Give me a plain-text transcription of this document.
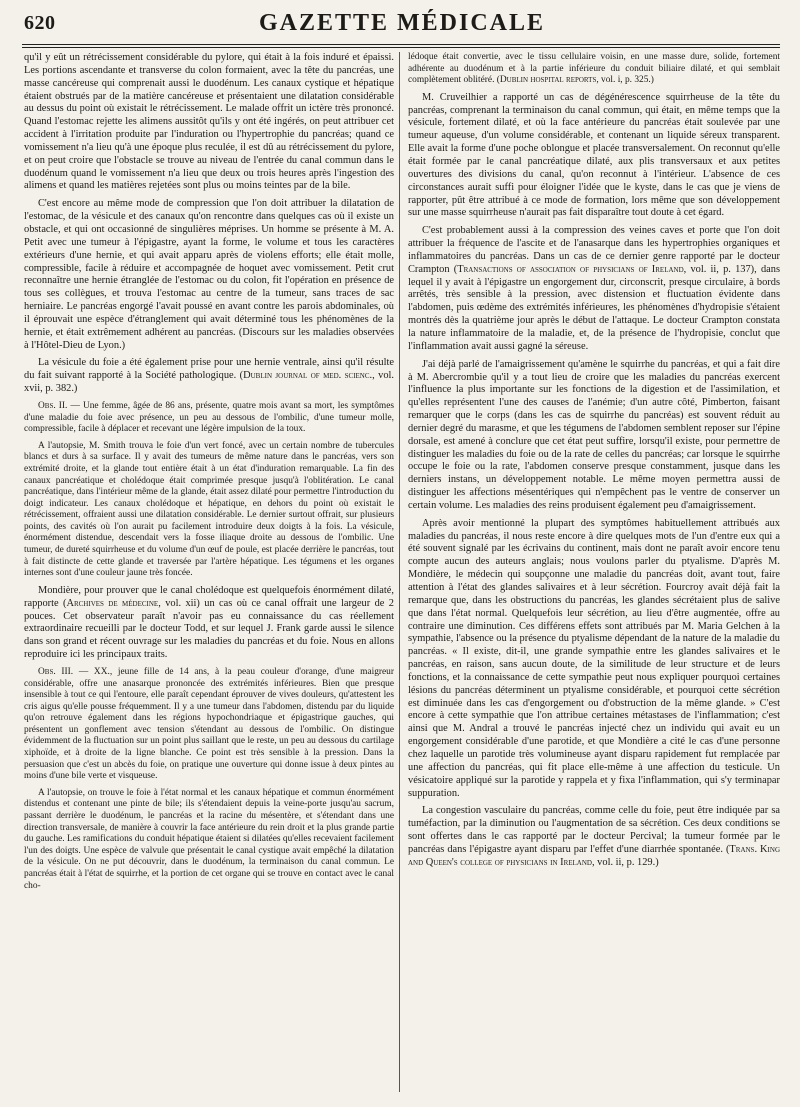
620	GAZETTE MÉDICALE

qu'il y eût un rétrécissement considérable du pylore, qui était à la fois induré et épaissi. Les portions ascendante et transverse du colon formaient, avec la tête du pancréas, une masse cancéreuse qui comprenait aussi le duodénum. Les canaux cystique et hépatique étaient obstrués par de la matière cancéreuse et présentaient une dilatation considérable au dessus du point où existait le rétrécissement. Le malade offrit un ictère très prononcé. Quand l'estomac rejette les alimens aussitôt qu'ils y ont été ingérés, on peut attribuer cet accident à l'irritation produite par l'induration ou l'hypertrophie du pancréas; quand ce vomissement n'a lieu qu'à une époque plus reculée, il est dû au rétrécissement du pylore, et on peut croire que l'obstacle se trouve au niveau de l'entrée du canal commun dans le duodénum quand le vomissement n'a lieu que deux ou trois heures après l'ingestion des alimens et quand les matières rejetées sont plus ou moins teintes par de la bile.

C'est encore au même mode de compression que l'on doit attribuer la dilatation de l'estomac, de la vésicule et des canaux qu'on rencontre dans quelques cas où il existe un obstacle, et qui ont occasionné de singulières méprises. Un homme se présente à M. A. Petit avec une tumeur à l'épigastre, ayant la forme, le volume et tous les caractères extérieurs d'une hernie, et qui avait apparu après de violens efforts; elle était molle, compressible, facile à réduire et accompagnée de hoquet avec vomissement. Petit crut reconnaître une hernie étranglée de l'estomac ou du colon, fit l'opération en présence de tous ses collègues, et trouva l'estomac au centre de la tumeur, sans traces de sac herniaire. Le pancréas engorgé l'avait poussé en avant contre les parois abdominales, où il éprouvait une espèce d'étranglement qui avait déterminé tous les phénomènes de la hernie, et était extrêmement adhérent au pancréas. (Discours sur les maladies observées à l'Hôtel-Dieu de Lyon.)

La vésicule du foie a été également prise pour une hernie ventrale, ainsi qu'il résulte du fait suivant rapporté à la Société pathologique. (Dublin journal of med. scienc., vol. xvii, p. 382.)

Obs. II. — Une femme, âgée de 86 ans, présente, quatre mois avant sa mort, les symptômes d'une maladie du foie avec présence, un peu au dessous de l'ombilic, d'une tumeur molle, compressible, facile à déplacer et recevant une légère impulsion de la toux.

A l'autopsie, M. Smith trouva le foie d'un vert foncé, avec un certain nombre de tubercules blancs et durs à sa surface. Il y avait des tumeurs de même nature dans le pancréas, vers son extrémité droite, et la glande tout entière était à un état d'induration remarquable. La fin des canaux pancréatique et cholédoque était comprimée presque jusqu'à l'oblitération. Le canal pancréatique, dans l'intérieur même de la glande, était assez dilaté pour permettre l'introduction du doigt indicateur. Les canaux cholédoque et hépatique, en dehors du point où existait le rétrécissement, offraient aussi une dilatation considérable. Le dernier surtout offrait, sur plusieurs points, des cavités où l'on aurait pu facilement introduire deux doigts à la fois. La vésicule, énormément distendue, descendait vers la fosse iliaque droite au dessous de l'ombilic. Une tumeur, de dureté squirrheuse et du volume d'un œuf de poule, est placée derrière le pancréas, tout à fait distincte de cette glande et traversée par l'artère hépatique. Les tégumens et les organes internes sont d'une couleur jaune très foncée.

Mondière, pour prouver que le canal cholédoque est quelquefois énormément dilaté, rapporte (Archives de médecine, vol. xii) un cas où ce canal offrait une largeur de 2 pouces. Cet observateur paraît n'avoir pas eu connaissance du cas réellement extraordinaire recueilli par le docteur Todd, et sur lequel J. Frank garde aussi le silence dans son grand et récent ouvrage sur les maladies du pancréas et du foie. Nous en allons reproduire ici les principaux traits.

Obs. III. — XX., jeune fille de 14 ans, à la peau couleur d'orange, d'une maigreur considérable, offre une anasarque prononcée des extrémités inférieures. Bien que presque insensible à tout ce qui l'entoure, elle paraît cependant éprouver de vives douleurs, qu'attestent les cris aigus qu'elle pousse fréquemment. Il y a une tumeur dans l'abdomen, distendu par du liquide qu'on retrouve également dans les régions hypochondriaque et épigastrique gauches, qui présentent un gonflement avec tension s'étendant au dessous de l'ombilic. On distingue évidemment de la fluctuation sur un point plus saillant que le reste, un peu au dessous du cartilage xiphoïde, et à droite de la ligne blanche. Ce point est très sensible à la pression. Dans la persuasion que c'est un abcès du foie, on pratique une ouverture qui donne issue à deux pintes au moins d'une bile verte et visqueuse.

A l'autopsie, on trouve le foie à l'état normal et les canaux hépatique et commun énormément distendus et contenant une pinte de bile; ils s'étendaient depuis la veine-porte jusqu'au sacrum, passant derrière le duodénum, le pancréas et la racine du mésentère, et s'étendant dans une direction transversale, de manière à couvrir la face antérieure du rein droit et la plus grande partie du gauche. Les ramifications du conduit hépatique étaient si dilatées qu'elles recevaient facilement l'un des doigts. Une espèce de valvule que présentait le canal cystique avait empêché la dilatation de la vésicule. On ne put découvrir, dans le duodénum, la terminaison du canal commun. Le pancréas était à l'état de squirrhe, et la portion de cet organe qui se trouve en contact avec le canal cho-

lédoque était convertie, avec le tissu cellulaire voisin, en une masse dure, solide, fortement adhérente au duodénum et à la partie inférieure du conduit biliaire dilaté, et qui semblait complètement oblitéré. (Dublin hospital reports, vol. i, p. 325.)

M. Cruveilhier a rapporté un cas de dégénérescence squirrheuse de la tête du pancréas, comprenant la terminaison du canal commun, qui était, en même temps que la vésicule, fortement dilaté, et où la face antérieure du pancréas était soulevée par une tumeur aqueuse, d'un volume considérable, et contenant un liquide séreux transparent. Elle avait la forme d'une poche oblongue et placée transversalement. On reconnut qu'elle était formée par le canal pancréatique dilaté, aux plis transversaux et aux petites ouvertures des divisions du canal, qu'on reconnut à l'intérieur. L'absence de ces circonstances aurait suffi pour éloigner l'idée que le kyste, dans le cas que je viens de rapporter, pût être attribué à ce mode de formation, lors même que son développement sur une masse squirrheuse n'aurait pas fait disparaître tout doute à cet égard.

C'est probablement aussi à la compression des veines caves et porte que l'on doit attribuer la fréquence de l'ascite et de l'anasarque dans les hypertrophies organiques et inflammatoires du pancréas. Dans un cas de ce dernier genre rapporté par le docteur Crampton (Transactions of association of physicians of Ireland, vol. ii, p. 137), dans lequel il y avait à l'épigastre un engorgement dur, circonscrit, presque circulaire, à bords arrêtés, très sensible à la pression, avec distension et fluctuation évidente dans l'abdomen, puis œdème des extrémités inférieures, les phénomènes d'hydropisie s'étaient montrés dès la quatrième jour après le début de l'attaque. Le docteur Crampton constata la nature inflammatoire de la maladie, et, de la présence de l'hydropisie, conclut que l'inflammation avait aussi gagné la séreuse.

J'ai déjà parlé de l'amaigrissement qu'amène le squirrhe du pancréas, et qui a fait dire à M. Abercrombie qu'il y a tout lieu de croire que les maladies du pancréas exercent l'influence la plus importante sur les fonctions de la digestion et de l'assimilation, et qu'elles représentent l'une des causes de l'anémie; d'un autre côté, Pimberton, faisant remarquer que le corps (dans les cas de squirrhe du pancréas) est souvent réduit au dernier degré du marasme, et que les tégumens de l'abdomen semblent reposer sur l'épine dorsale, est amené à conclure que cet état peut suffire, lorsqu'il existe, pour permettre de distinguer les maladies du foie ou de la rate de celles du pancréas; car lorsque le squirrhe occupe le foie ou la rate, l'abdomen conserve presque constamment, jusque dans les derniers instans, un développement notable. Le même moyen permettra aussi de distinguer les affections mésentériques qui n'empêchent pas le ventre de conserver un certain volume. Les maladies des reins produisent également peu d'amaigrissement.

Après avoir mentionné la plupart des symptômes habituellement attribués aux maladies du pancréas, il nous reste encore à dire quelques mots de l'un d'entre eux qui a été souvent signalé par les écrivains du continent, mais dont ne paraît avoir encore tenu compte aucun des auteurs anglais; nous voulons parler du ptyalisme. D'après M. Mondière, le médecin qui soupçonne une maladie du pancréas doit, avant tout, faire attention à l'état des glandes salivaires et à leur sécrétion. Fourcroy avait déjà fait la remarque que, dans les obstructions du pancréas, les glandes sécrétaient plus de salive que dans l'état normal. Quelquefois leur sécrétion, au lieu d'être augmentée, offre au contraire une diminution. Ces différens effets sont attribués par M. Maria Gelchen à la sympathie, l'absence ou la présence du ptyalisme dépendant de la nature de la maladie du pancréas. « Il existe, dit-il, une grande sympathie entre les glandes salivaires et le pancréas, en raison, sans aucun doute, de la similitude de leur structure et de leurs fonctions, et la connaissance de cette sympathie peut nous expliquer pourquoi certaines lésions du pancréas déterminent un ptyalisme considérable, et pourquoi cette sécrétion est diminuée dans les cas d'engorgement ou d'obstruction de la même glande. » C'est encore à cette sympathie que l'on attribue certaines métastases de l'inflammation; c'est ainsi que M. Andral a trouvé le pancréas injecté chez un individu qui avait eu un engorgement considérable d'une parotide, et que Mondière a cité le cas d'une personne chez laquelle un parotide très volumineuse ayant disparu rapidement fut remplacée par une affection du pancréas, qui fit place elle-même à une affection du testicule. Un vésicatoire appliqué sur la parotide y rappela et y fixa l'inflammation, qui s'y terminapar suppuration.

La congestion vasculaire du pancréas, comme celle du foie, peut être indiquée par sa tuméfaction, par la diminution ou l'augmentation de sa sécrétion. Ces deux conditions se sont offertes dans le cas rapporté par le docteur Percival; la tumeur formée par le pancréas dans l'épigastre ayant disparu par l'effet d'une diarrhée spontanée. (Trans. King and Queen's college of physicians in Ireland, vol. ii, p. 129.)
